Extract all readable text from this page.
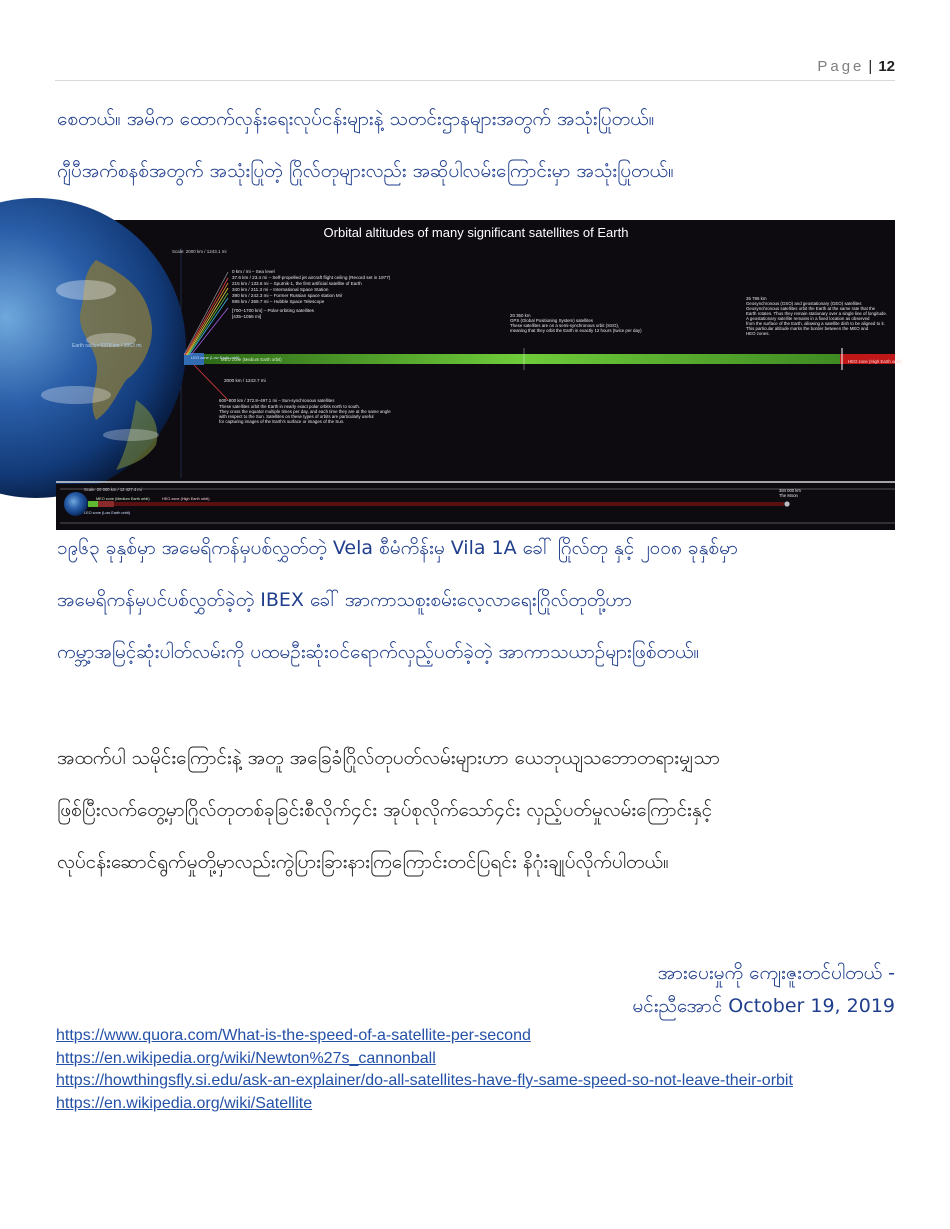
Page | 12
စေတယ်။ အမိက ထောက်လှန်းရေးလုပ်ငန်းများနဲ့ သတင်းဌာနများအတွက် အသုံးပြုတယ်။
ဂျီပီအက်စနစ်အတွက် အသုံးပြုတဲ့ ဂြိုလ်တုများလည်း အဆိုပါလမ်းကြောင်းမှာ အသုံးပြုတယ်။
Orbital altitudes of many significant satellites of Earth
Scale: 2000 km / 1243.1 mi
Earth radius 6378 km / 3963 mi
LEO zone (Low Earth orbit)
MEO zone (Medium Earth orbit)	HEO zone (High Earth orbit)
0 km / mi – Sea level
37.6 km / 23.4 mi – Self-propelled jet aircraft flight ceiling (Record set in 1977)
215 km / 133.6 mi – Sputnik-1, the first artificial satellite of Earth
340 km / 211.3 mi – International Space Station
390 km / 242.3 mi – Former Russian space station Mir
595 km / 369.7 mi – Hubble Space Telescope
[700–1700 km] – Polar-orbiting satellites
[435–1056 mi]
2000 km / 1243.7 mi
600–800 km / 372.8–497.1 mi – Sun-synchronous satellites
These satellites orbit the Earth in nearly exact polar orbits north to south.
They cross the equator multiple times per day, and each time they are at the same angle
with respect to the Sun. Satellites on these types of orbits are particularly useful
for capturing images of the Earth's surface or images of the Sun.
20 350 km
GPS (Global Positioning System) satellites
These satellites are on a semi-synchronous orbit (SSO),
meaning that they orbit the Earth in exactly 12 hours (twice per day)
35 786 km
Geosynchronous (GSO) and geostationary (GEO) satellites
Geosynchronous satellites orbit the Earth at the same rate that the
Earth rotates. Thus they remain stationary over a single line of longitude.
A geostationary satellite remains in a fixed location as observed
from the surface of the Earth, allowing a satellite dish to be aligned to it.
This particular altitude marks the border between the MEO and
HEO zones.
Scale: 20 000 km / 12 427.4 mi
MEO zone (Medium Earth orbit)	HEO zone (High Earth orbit)
LEO zone (Low Earth orbit)
384 000 km
The Moon
၁၉၆၃ ခုနှစ်မှာ အမေရိကန်မှပစ်လွှတ်တဲ့ Vela စီမံကိန်းမှ Vila 1A ခေါ် ဂြိုလ်တု နှင့် ၂၀၀၈ ခုနှစ်မှာ
အမေရိကန်မှပင်ပစ်လွှတ်ခဲ့တဲ့ IBEX ခေါ် အာကာသစူးစမ်းလေ့လာရေးဂြိုလ်တုတို့ဟာ
ကမ္ဘာ့အမြင့်ဆုံးပါတ်လမ်းကို ပထမဦးဆုံးဝင်ရောက်လှည့်ပတ်ခဲ့တဲ့ အာကာသယာဉ်များဖြစ်တယ်။
အထက်ပါ သမိုင်းကြောင်းနဲ့ အတူ အခြေခံဂြိုလ်တုပတ်လမ်းများဟာ ယေဘုယျသဘောတရားမျှသာ
ဖြစ်ပြီးလက်တွေ့မှာဂြိုလ်တုတစ်ခုခြင်းစီလိုက်၄င်း အုပ်စုလိုက်သော်၄င်း လှည့်ပတ်မှုလမ်းကြောင်းနှင့်
လုပ်ငန်းဆောင်ရွက်မှုတို့မှာလည်းကွဲပြားခြားနားကြကြောင်းတင်ပြရင်း နိဂုံးချုပ်လိုက်ပါတယ်။
အားပေးမှုကို ကျေးဇူးတင်ပါတယ် -
မင်းညီအောင် October 19, 2019
https://www.quora.com/What-is-the-speed-of-a-satellite-per-second
https://en.wikipedia.org/wiki/Newton%27s_cannonball
https://howthingsfly.si.edu/ask-an-explainer/do-all-satellites-have-fly-same-speed-so-not-leave-their-orbit
https://en.wikipedia.org/wiki/Satellite
